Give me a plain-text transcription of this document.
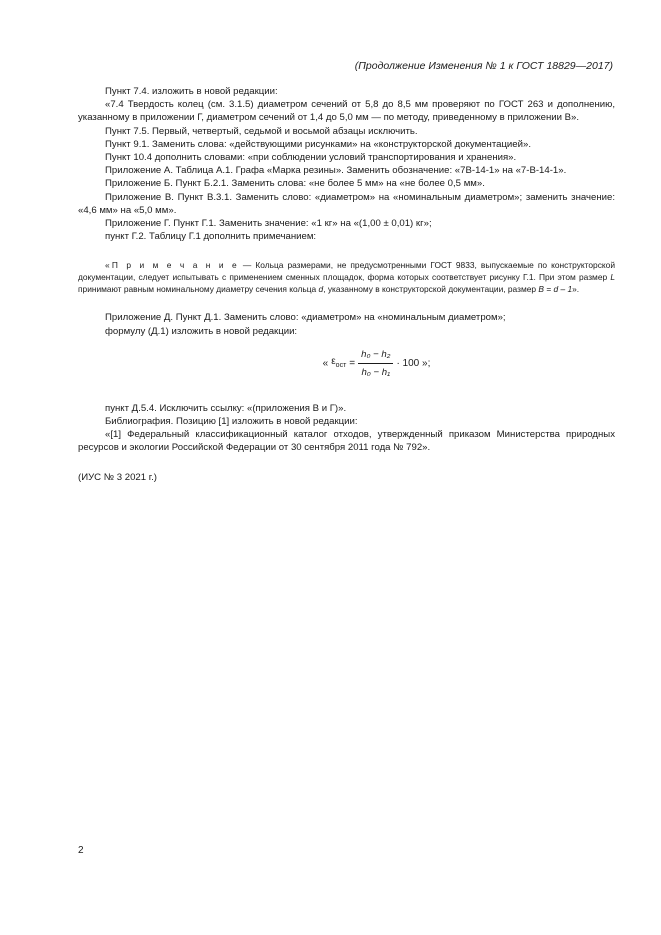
(Продолжение Изменения № 1 к ГОСТ 18829—2017)

Пункт 7.4. изложить в новой редакции:

«7.4 Твердость колец (см. 3.1.5) диаметром сечений от 5,8 до 8,5 мм проверяют по ГОСТ 263 и дополнению, указанному в приложении Г, диаметром сечений от 1,4 до 5,0 мм — по методу, приведенному в приложении В».

Пункт 7.5. Первый, четвертый, седьмой и восьмой абзацы исключить.

Пункт 9.1. Заменить слова: «действующими рисунками» на «конструкторской документацией».

Пункт 10.4 дополнить словами: «при соблюдении условий транспортирования и хранения».

Приложение А. Таблица А.1. Графа «Марка резины». Заменить обозначение: «7В-14-1» на «7-В-14-1».

Приложение Б. Пункт Б.2.1. Заменить слова: «не более 5 мм» на «не более 0,5 мм».

Приложение В. Пункт В.3.1. Заменить слово: «диаметром» на «номинальным диаметром»; заменить значение: «4,6 мм» на «5,0 мм».

Приложение Г. Пункт Г.1. Заменить значение: «1 кг» на «(1,00 ± 0,01) кг»;

пункт Г.2. Таблицу Г.1 дополнить примечанием:

«П р и м е ч а н и е — Кольца размерами, не предусмотренными ГОСТ 9833, выпускаемые по конструкторской документации, следует испытывать с применением сменных площадок, форма которых соответствует рисунку Г.1. При этом размер L принимают равным номинальному диаметру сечения кольца d, указанному в конструкторской документации, размер B = d – 1».

Приложение Д. Пункт Д.1. Заменить слово: «диаметром» на «номинальным диаметром»;

формулу (Д.1) изложить в новой редакции:

« $\varepsilon_{ост} = \frac{\text{h₀ − h₂}}{\text{h₀ − h₁}} \cdot 100$ »;

пункт Д.5.4. Исключить ссылку: «(приложения В и Г)».

Библиография. Позицию [1] изложить в новой редакции:

«[1] Федеральный классификационный каталог отходов, утвержденный приказом Министерства природных ресурсов и экологии Российской Федерации от 30 сентября 2011 года № 792».

(ИУС № 3 2021 г.)

2
